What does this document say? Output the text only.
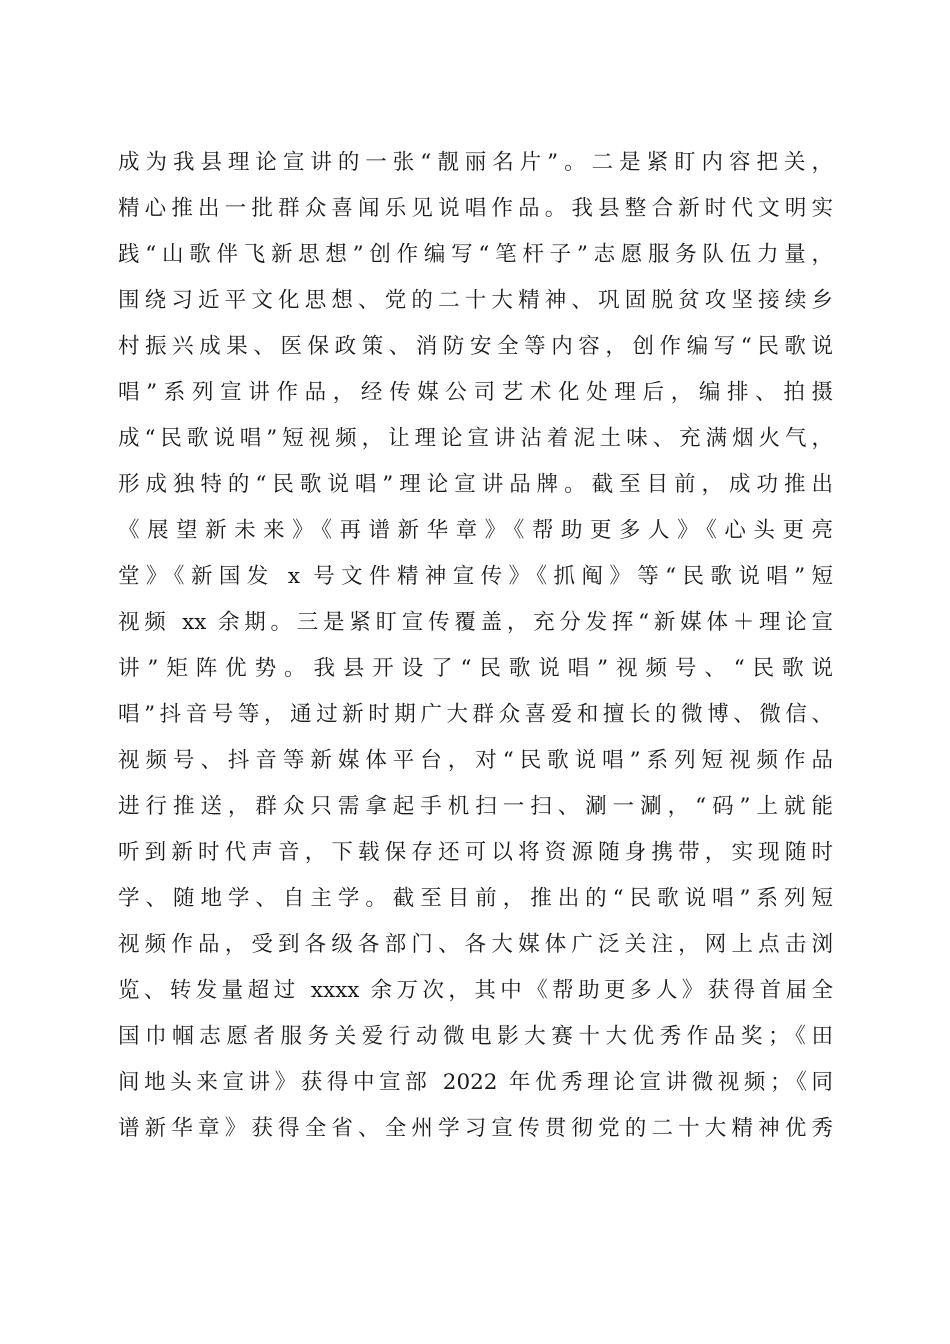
成为我县理论宣讲的一张“靓丽名片”。二是紧盯内容把关，
精心推出一批群众喜闻乐见说唱作品。我县整合新时代文明实
践“山歌伴飞新思想”创作编写“笔杆子”志愿服务队伍力量，
围绕习近平文化思想、党的二十大精神、巩固脱贫攻坚接续乡
村振兴成果、医保政策、消防安全等内容，创作编写“民歌说
唱”系列宣讲作品，经传媒公司艺术化处理后，编排、拍摄
成“民歌说唱”短视频，让理论宣讲沾着泥土味、充满烟火气，
形成独特的“民歌说唱”理论宣讲品牌。截至目前，成功推出
《展望新未来》《再谱新华章》《帮助更多人》《心头更亮
堂》《新国发 x 号文件精神宣传》《抓阄》等“民歌说唱”短
视频 xx 余期。三是紧盯宣传覆盖，充分发挥“新媒体＋理论宣
讲”矩阵优势。我县开设了“民歌说唱”视频号、“民歌说
唱”抖音号等，通过新时期广大群众喜爱和擅长的微博、微信、
视频号、抖音等新媒体平台，对“民歌说唱”系列短视频作品
进行推送，群众只需拿起手机扫一扫、涮一涮，“码”上就能
听到新时代声音，下载保存还可以将资源随身携带，实现随时
学、随地学、自主学。截至目前，推出的“民歌说唱”系列短
视频作品，受到各级各部门、各大媒体广泛关注，网上点击浏
览、转发量超过 xxxx 余万次，其中《帮助更多人》获得首届全
国巾帼志愿者服务关爱行动微电影大赛十大优秀作品奖；《田
间地头来宣讲》获得中宣部 2022 年优秀理论宣讲微视频；《同
谱新华章》获得全省、全州学习宣传贯彻党的二十大精神优秀
